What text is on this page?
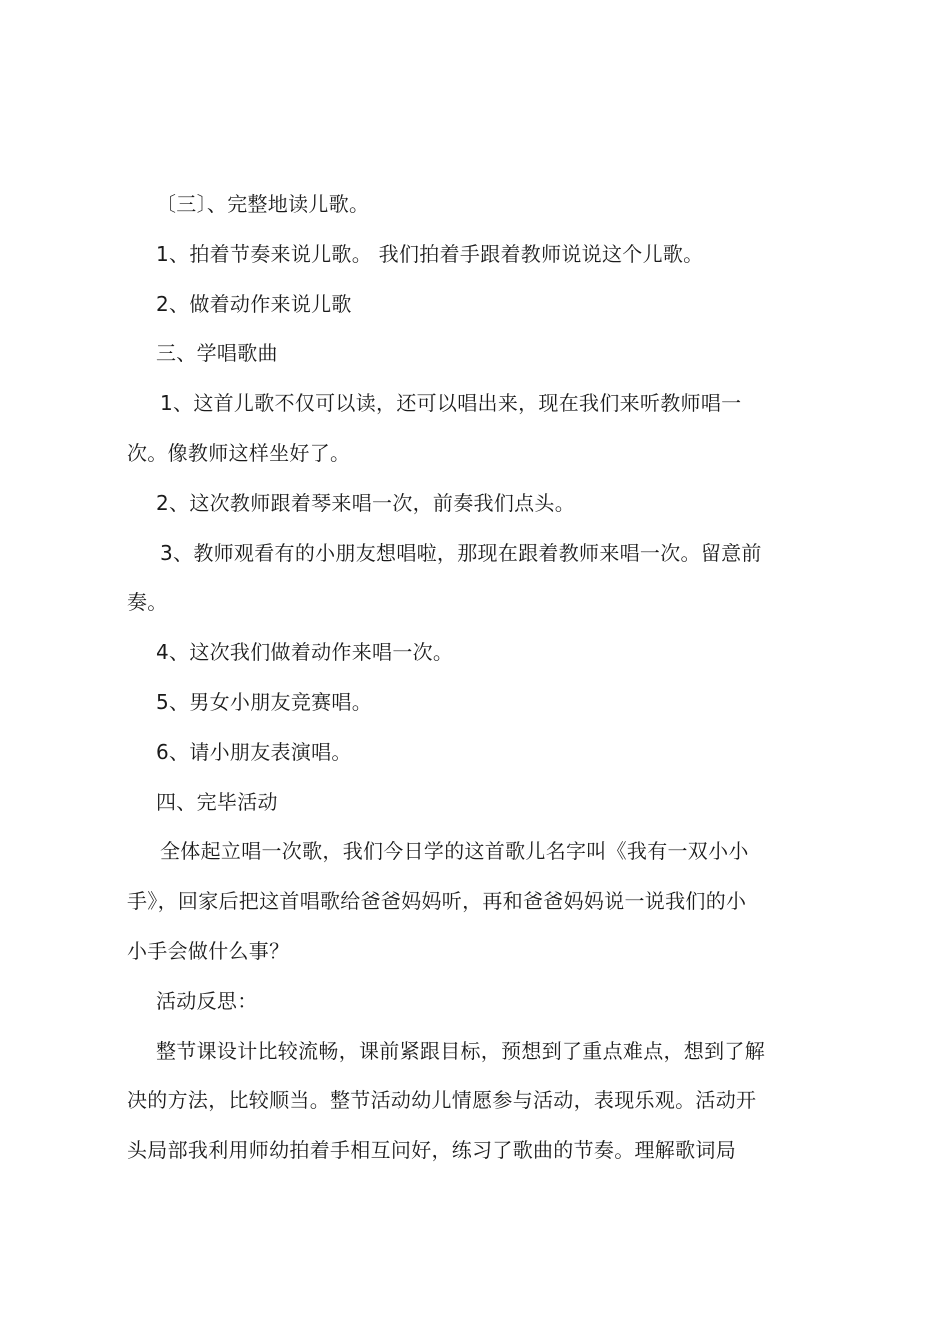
〔三〕、完整地读儿歌。
1、拍着节奏来说儿歌。 我们拍着手跟着教师说说这个儿歌。
2、做着动作来说儿歌
三、学唱歌曲
1、这首儿歌不仅可以读，还可以唱出来，现在我们来听教师唱一
次。像教师这样坐好了。
2、这次教师跟着琴来唱一次，前奏我们点头。
3、教师观看有的小朋友想唱啦，那现在跟着教师来唱一次。留意前
奏。
4、这次我们做着动作来唱一次。
5、男女小朋友竞赛唱。
6、请小朋友表演唱。
四、完毕活动
全体起立唱一次歌，我们今日学的这首歌儿名字叫《我有一双小小
手》，回家后把这首唱歌给爸爸妈妈听，再和爸爸妈妈说一说我们的小
小手会做什么事？
活动反思：
整节课设计比较流畅，课前紧跟目标，预想到了重点难点，想到了解
决的方法，比较顺当。整节活动幼儿情愿参与活动，表现乐观。活动开
头局部我利用师幼拍着手相互问好，练习了歌曲的节奏。理解歌词局
